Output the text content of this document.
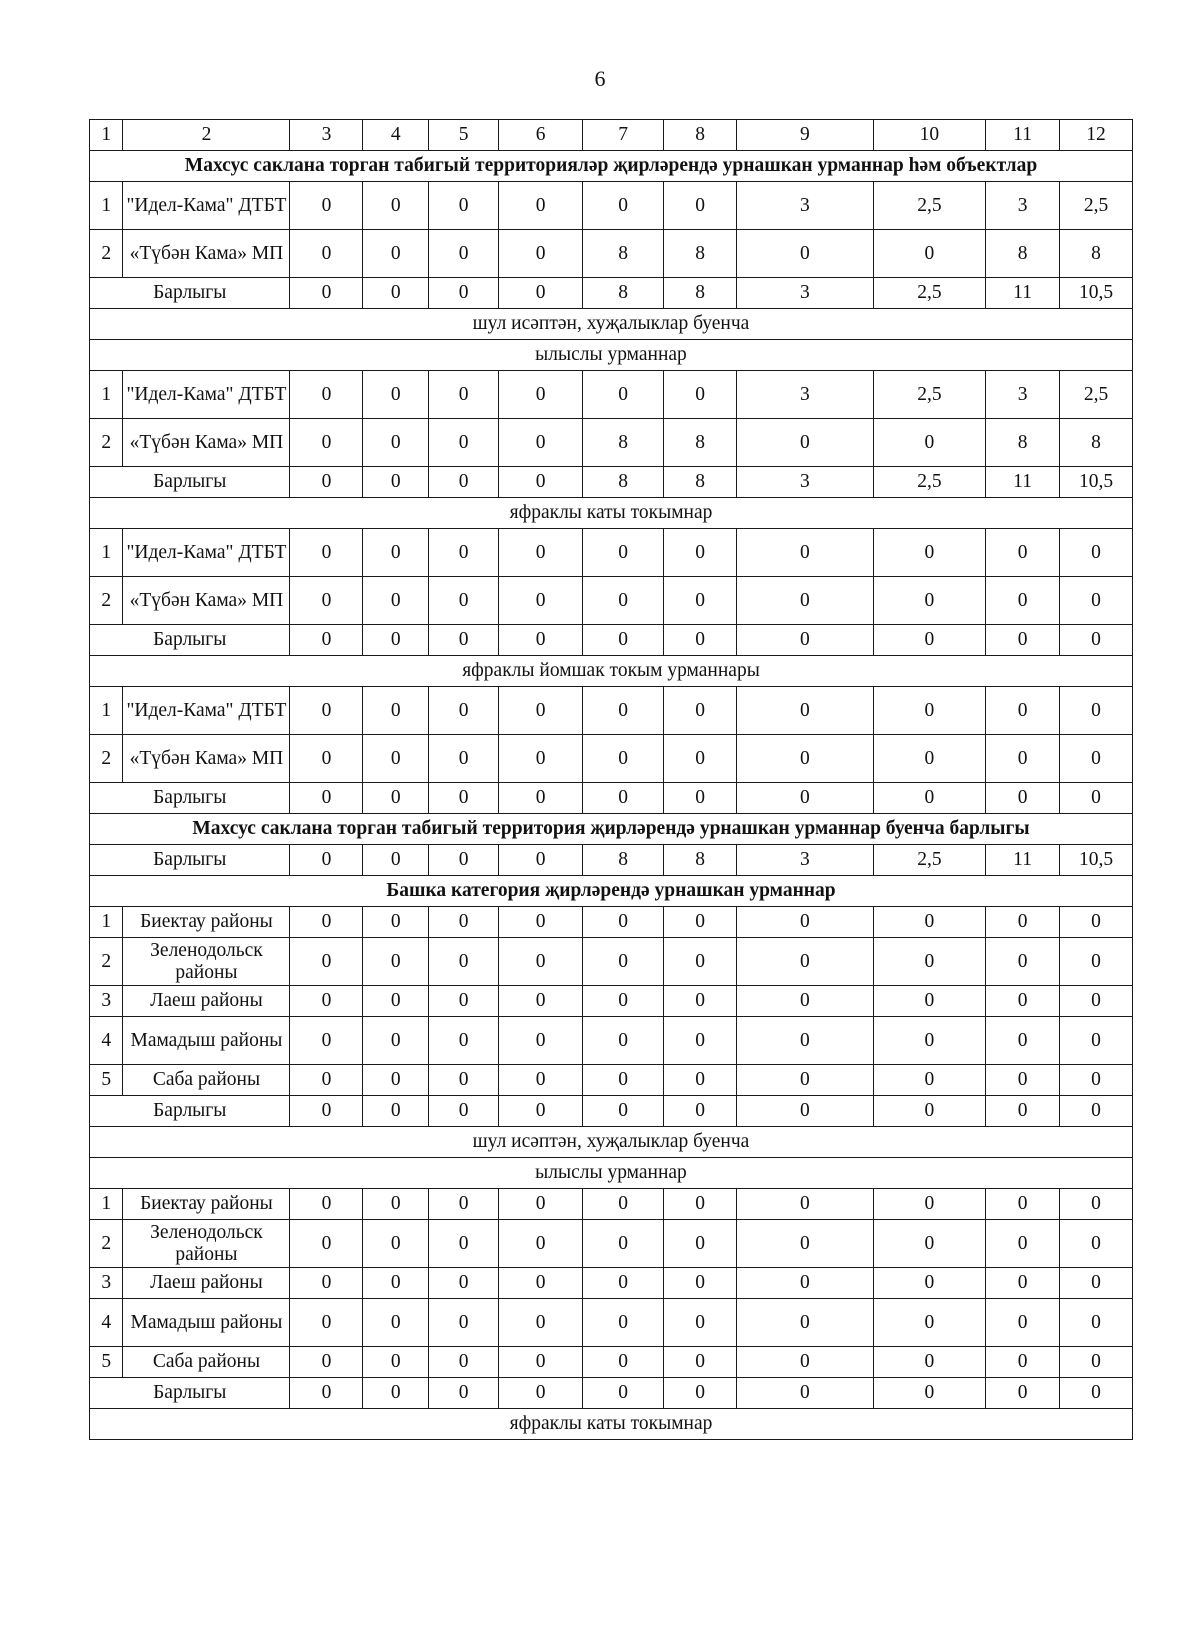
6
1	2	3	4	5	6	7	8	9	10	11	12
Махсус саклана торган табигый территорияләр җирләрендә урнашкан урманнар һәм объектлар											
1	"Идел-Кама" ДТБТ	0	0	0	0	0	0	3	2,5	3	2,5
2	«Түбән Кама» МП	0	0	0	0	8	8	0	0	8	8
Барлыгы		0	0	0	0	8	8	3	2,5	11	10,5
шул исәптән, хуҗалыклар буенча											
ылыслы урманнар											
1	"Идел-Кама" ДТБТ	0	0	0	0	0	0	3	2,5	3	2,5
2	«Түбән Кама» МП	0	0	0	0	8	8	0	0	8	8
Барлыгы		0	0	0	0	8	8	3	2,5	11	10,5
яфраклы каты токымнар											
1	"Идел-Кама" ДТБТ	0	0	0	0	0	0	0	0	0	0
2	«Түбән Кама» МП	0	0	0	0	0	0	0	0	0	0
Барлыгы		0	0	0	0	0	0	0	0	0	0
яфраклы йомшак токым урманнары											
1	"Идел-Кама" ДТБТ	0	0	0	0	0	0	0	0	0	0
2	«Түбән Кама» МП	0	0	0	0	0	0	0	0	0	0
Барлыгы		0	0	0	0	0	0	0	0	0	0
Махсус саклана торган табигый территория җирләрендә урнашкан урманнар буенча барлыгы											
Барлыгы		0	0	0	0	8	8	3	2,5	11	10,5
Башка категория җирләрендә урнашкан урманнар											
1	Биектау районы	0	0	0	0	0	0	0	0	0	0
2	Зеленодольск районы	0	0	0	0	0	0	0	0	0	0
3	Лаеш районы	0	0	0	0	0	0	0	0	0	0
4	Мамадыш районы	0	0	0	0	0	0	0	0	0	0
5	Саба районы	0	0	0	0	0	0	0	0	0	0
Барлыгы		0	0	0	0	0	0	0	0	0	0
шул исәптән, хуҗалыклар буенча											
ылыслы урманнар											
1	Биектау районы	0	0	0	0	0	0	0	0	0	0
2	Зеленодольск районы	0	0	0	0	0	0	0	0	0	0
3	Лаеш районы	0	0	0	0	0	0	0	0	0	0
4	Мамадыш районы	0	0	0	0	0	0	0	0	0	0
5	Саба районы	0	0	0	0	0	0	0	0	0	0
Барлыгы		0	0	0	0	0	0	0	0	0	0
яфраклы каты токымнар											
